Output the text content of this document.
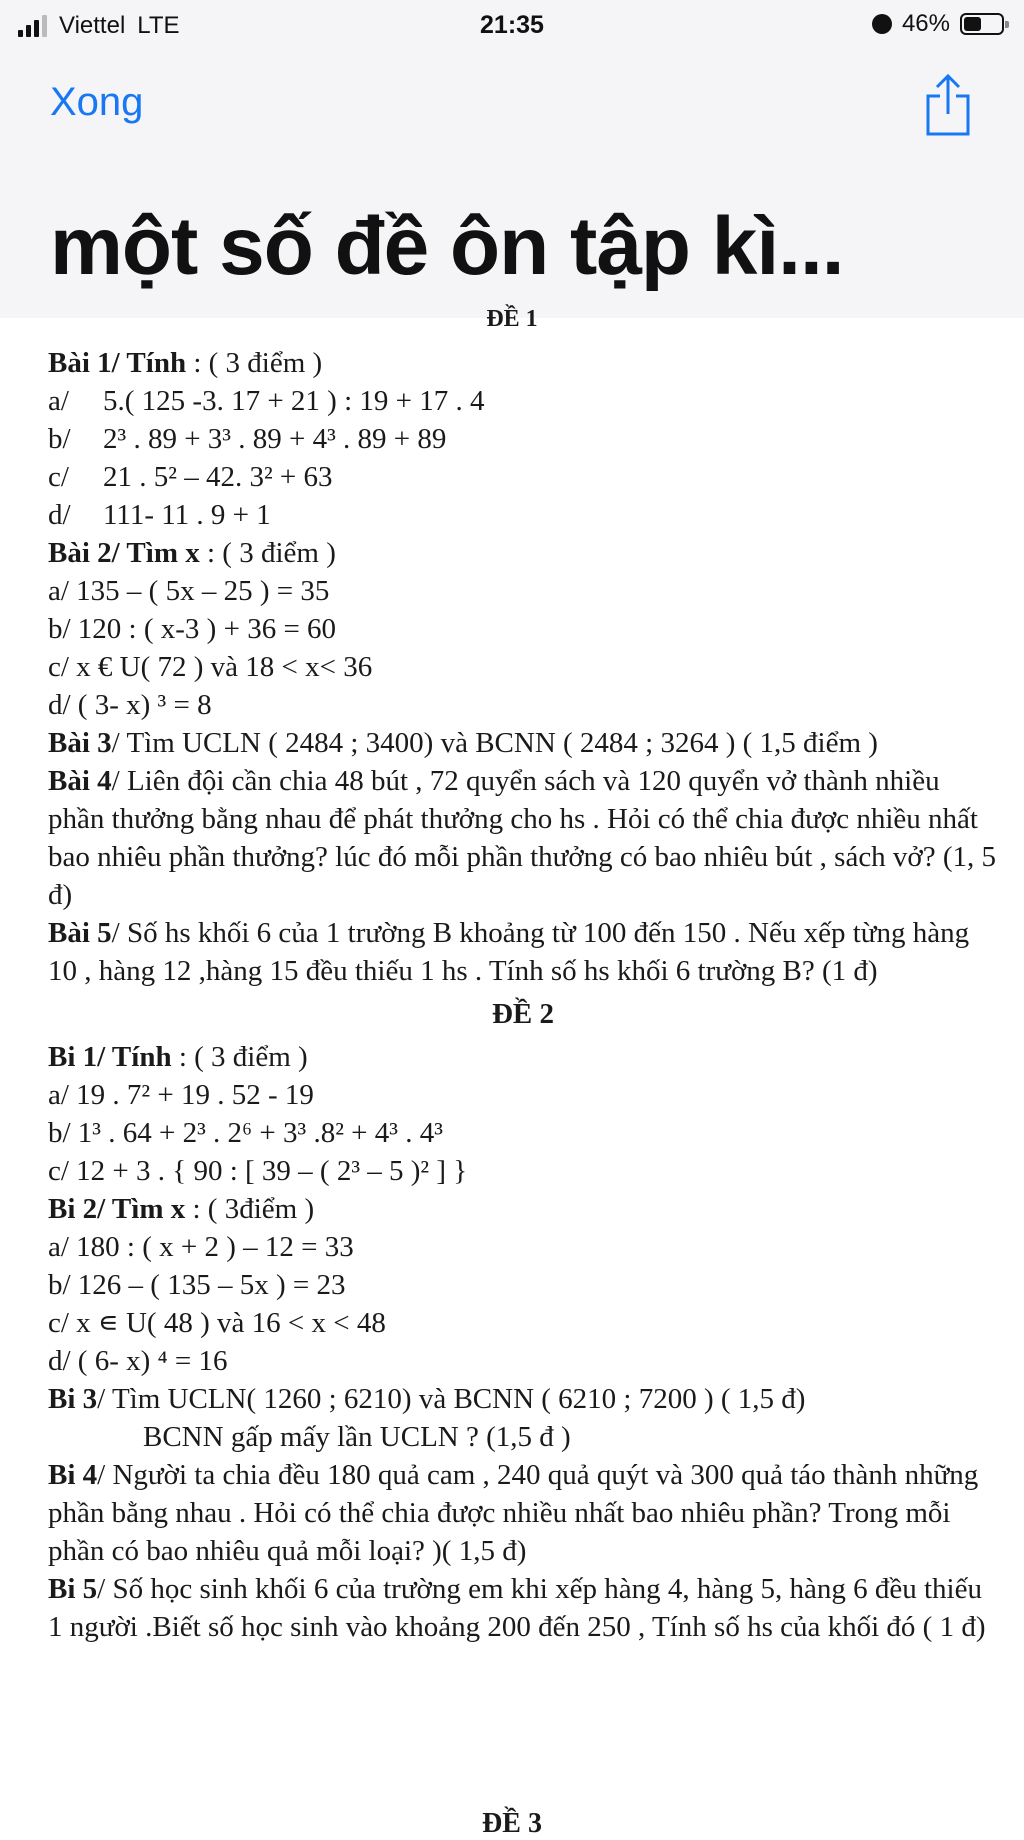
Viettel LTE	21:35	46%
Xong
một số đề ôn tập kì...
ĐỀ 1
Bài 1/ Tính : ( 3 điểm )
a/ 5.( 125 -3. 17 + 21 ) : 19 + 17 . 4
b/ 2³ . 89 + 3³ . 89 + 4³ . 89 + 89
c/ 21 . 5² – 42. 3² + 63
d/ 111- 11 . 9 + 1
Bài 2/ Tìm x : ( 3 điểm )
a/ 135 – ( 5x – 25 ) = 35
b/ 120 : ( x-3 ) + 36 = 60
c/ x € U( 72 ) và 18 < x< 36
d/ ( 3- x) ³ = 8
Bài 3/ Tìm UCLN ( 2484 ; 3400) và BCNN ( 2484 ; 3264 ) ( 1,5 điểm )
Bài 4/ Liên đội cần chia 48 bút , 72 quyển sách và 120 quyển vở thành nhiều phần thưởng bằng nhau để phát thưởng cho hs . Hỏi có thể chia được nhiều nhất bao nhiêu phần thưởng? lúc đó mỗi phần thưởng có bao nhiêu bút , sách vở? (1, 5 đ)
Bài 5/ Số hs khối 6 của 1 trường B khoảng từ 100 đến 150 . Nếu xếp từng hàng 10 , hàng 12 ,hàng 15 đều thiếu 1 hs . Tính số hs khối 6 trường B? (1 đ)
ĐỀ 2
Bi 1/ Tính : ( 3 điểm )
a/ 19 . 7² + 19 . 52 - 19
b/ 1³ . 64 + 2³ . 2⁶ + 3³ .8² + 4³ . 4³
c/ 12 + 3 . { 90 : [ 39 – ( 2³ – 5 )² ] }
Bi 2/ Tìm x : ( 3điểm )
a/ 180 : ( x + 2 ) – 12 = 33
b/ 126 – ( 135 – 5x ) = 23
c/ x ∊ U( 48 ) và 16 < x < 48
d/ ( 6- x) ⁴ = 16
Bi 3/ Tìm UCLN( 1260 ; 6210) và BCNN ( 6210 ; 7200 ) ( 1,5 đ)
BCNN gấp mấy lần UCLN ? (1,5 đ )
Bi 4/ Người ta chia đều 180 quả cam , 240 quả quýt và 300 quả táo thành những phần bằng nhau . Hỏi có thể chia được nhiều nhất bao nhiêu phần? Trong mỗi phần có bao nhiêu quả mỗi loại? )( 1,5 đ)
Bi 5/ Số học sinh khối 6 của trường em khi xếp hàng 4, hàng 5, hàng 6 đều thiếu 1 người .Biết số học sinh vào khoảng 200 đến 250 , Tính số hs của khối đó ( 1 đ)
ĐỀ 3
